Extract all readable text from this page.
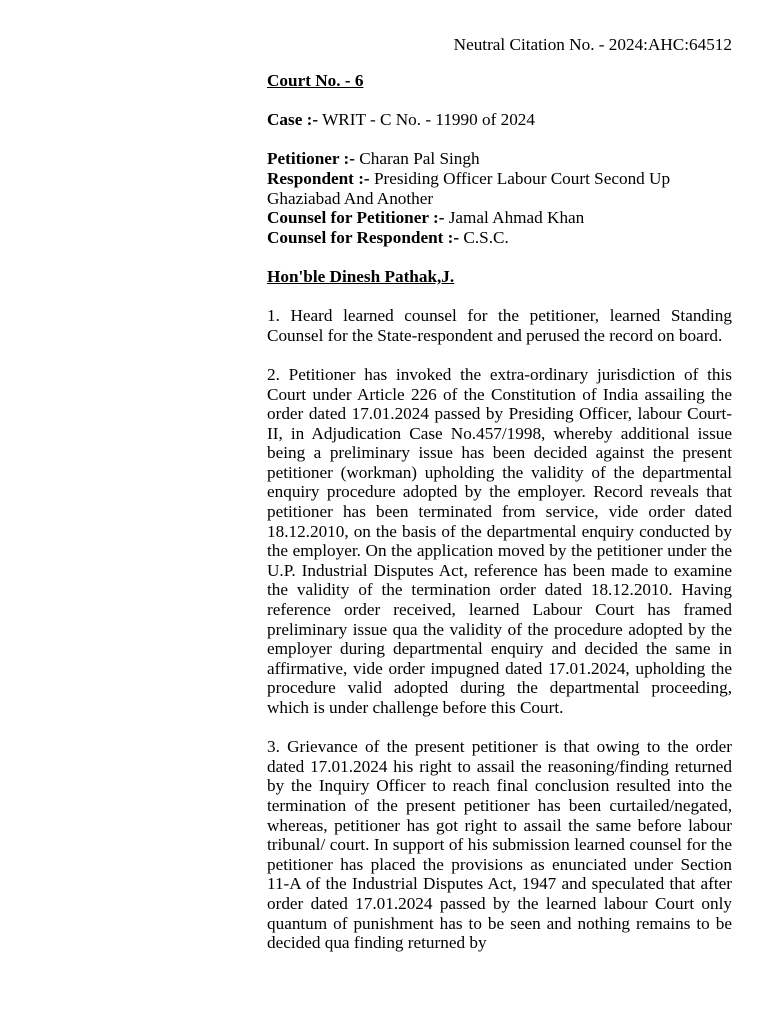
Neutral Citation No. - 2024:AHC:64512

Court No. - 6

Case :- WRIT - C No. - 11990 of 2024

Petitioner :- Charan Pal Singh

Respondent :- Presiding Officer Labour Court Second Up Ghaziabad And Another

Counsel for Petitioner :- Jamal Ahmad Khan

Counsel for Respondent :- C.S.C.

Hon'ble Dinesh Pathak,J.

1. Heard learned counsel for the petitioner, learned Standing Counsel for the State-respondent and perused the record on board.

2. Petitioner has invoked the extra-ordinary jurisdiction of this Court under Article 226 of the Constitution of India assailing the order dated 17.01.2024 passed by Presiding Officer, labour Court-II, in Adjudication Case No.457/1998, whereby additional issue being a preliminary issue has been decided against the present petitioner (workman) upholding the validity of the departmental enquiry procedure adopted by the employer. Record reveals that petitioner has been terminated from service, vide order dated 18.12.2010, on the basis of the departmental enquiry conducted by the employer. On the application moved by the petitioner under the U.P. Industrial Disputes Act, reference has been made to examine the validity of the termination order dated 18.12.2010. Having reference order received, learned Labour Court has framed preliminary issue qua the validity of the procedure adopted by the employer during departmental enquiry and decided the same in affirmative, vide order impugned dated 17.01.2024, upholding the procedure valid adopted during the departmental proceeding, which is under challenge before this Court.

3. Grievance of the present petitioner is that owing to the order dated 17.01.2024 his right to assail the reasoning/finding returned by the Inquiry Officer to reach final conclusion resulted into the termination of the present petitioner has been curtailed/negated, whereas, petitioner has got right to assail the same before labour tribunal/ court. In support of his submission learned counsel for the petitioner has placed the provisions as enunciated under Section 11-A of the Industrial Disputes Act, 1947 and speculated that after order dated 17.01.2024 passed by the learned labour Court only quantum of punishment has to be seen and nothing remains to be decided qua finding returned by
